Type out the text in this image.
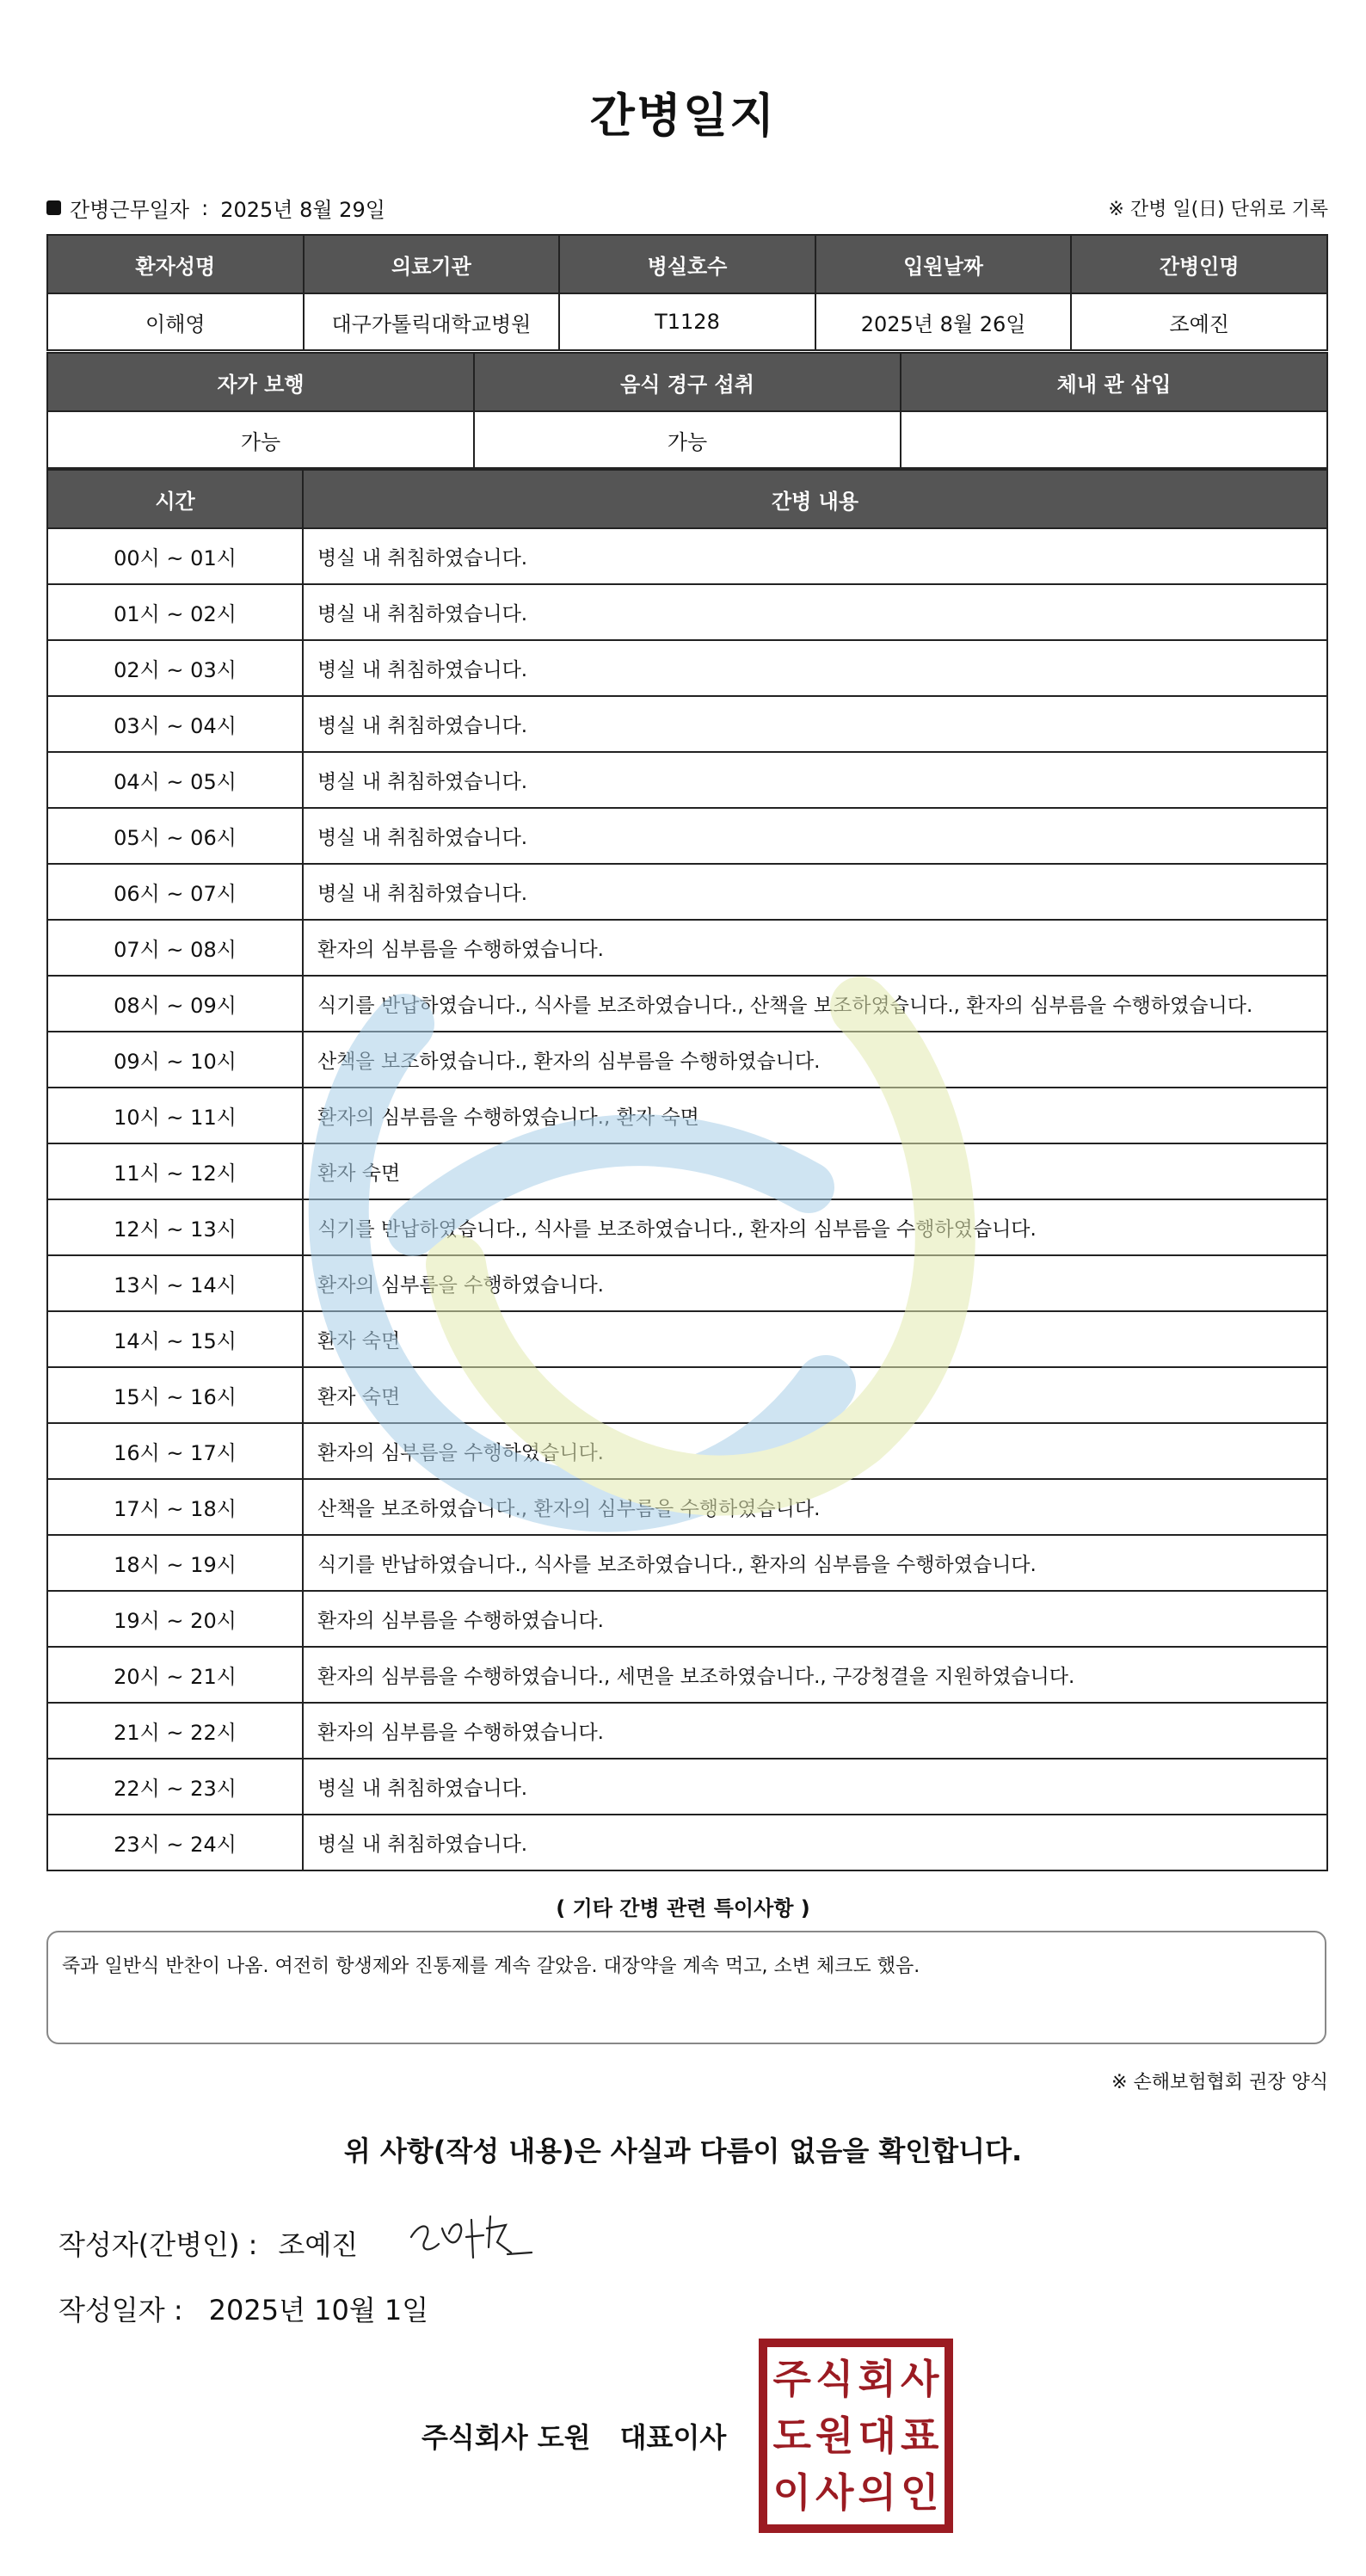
간병일지
간병근무일자 : 2025년 8월 29일	※ 간병 일(日) 단위로 기록
환자성명	의료기관	병실호수	입원날짜	간병인명
이해영	대구가톨릭대학교병원	T1128	2025년 8월 26일	조예진
자가 보행	음식 경구 섭취	체내 관 삽입
가능	가능	
시간	간병 내용
00시 ~ 01시	병실 내 취침하였습니다.
01시 ~ 02시	병실 내 취침하였습니다.
02시 ~ 03시	병실 내 취침하였습니다.
03시 ~ 04시	병실 내 취침하였습니다.
04시 ~ 05시	병실 내 취침하였습니다.
05시 ~ 06시	병실 내 취침하였습니다.
06시 ~ 07시	병실 내 취침하였습니다.
07시 ~ 08시	환자의 심부름을 수행하였습니다.
08시 ~ 09시	식기를 반납하였습니다., 식사를 보조하였습니다., 산책을 보조하였습니다., 환자의 심부름을 수행하였습니다.
09시 ~ 10시	산책을 보조하였습니다., 환자의 심부름을 수행하였습니다.
10시 ~ 11시	환자의 심부름을 수행하였습니다., 환자 숙면
11시 ~ 12시	환자 숙면
12시 ~ 13시	식기를 반납하였습니다., 식사를 보조하였습니다., 환자의 심부름을 수행하였습니다.
13시 ~ 14시	환자의 심부름을 수행하였습니다.
14시 ~ 15시	환자 숙면
15시 ~ 16시	환자 숙면
16시 ~ 17시	환자의 심부름을 수행하였습니다.
17시 ~ 18시	산책을 보조하였습니다., 환자의 심부름을 수행하였습니다.
18시 ~ 19시	식기를 반납하였습니다., 식사를 보조하였습니다., 환자의 심부름을 수행하였습니다.
19시 ~ 20시	환자의 심부름을 수행하였습니다.
20시 ~ 21시	환자의 심부름을 수행하였습니다., 세면을 보조하였습니다., 구강청결을 지원하였습니다.
21시 ~ 22시	환자의 심부름을 수행하였습니다.
22시 ~ 23시	병실 내 취침하였습니다.
23시 ~ 24시	병실 내 취침하였습니다.
( 기타 간병 관련 특이사항 )
죽과 일반식 반찬이 나옴. 여전히 항생제와 진통제를 계속 갈았음. 대장약을 계속 먹고, 소변 체크도 했음.
※ 손해보험협회 권장 양식
위 사항(작성 내용)은 사실과 다름이 없음을 확인합니다.
작성자(간병인) : 조예진
작성일자 : 2025년 10월 1일
주식회사 도원 대표이사
주 식 회 사
도 원 대 표
이 사 의 인
